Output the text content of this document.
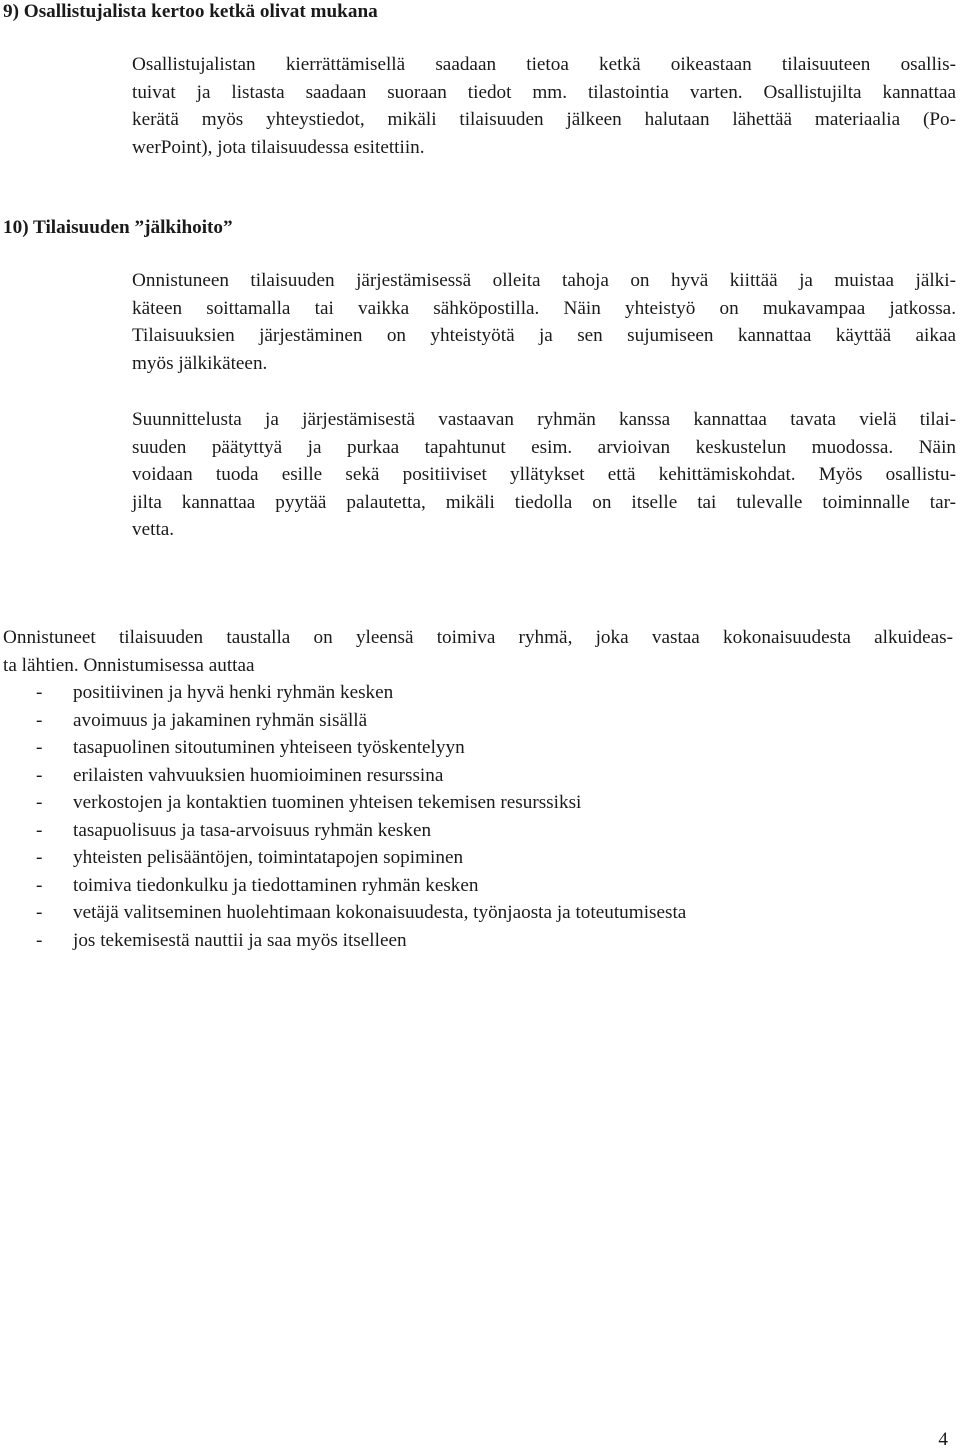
9) Osallistujalista kertoo ketkä olivat mukana
Osallistujalistan kierrättämisellä saadaan tietoa ketkä oikeastaan tilaisuuteen osallis-
tuivat ja listasta saadaan suoraan tiedot mm. tilastointia varten. Osallistujilta kannattaa
kerätä myös yhteystiedot, mikäli tilaisuuden jälkeen halutaan lähettää materiaalia (Po-
werPoint), jota tilaisuudessa esitettiin.
10) Tilaisuuden ”jälkihoito”
Onnistuneen tilaisuuden järjestämisessä olleita tahoja on hyvä kiittää ja muistaa jälki-
käteen soittamalla tai vaikka sähköpostilla. Näin yhteistyö on mukavampaa jatkossa.
Tilaisuuksien järjestäminen on yhteistyötä ja sen sujumiseen kannattaa käyttää aikaa
myös jälkikäteen.
Suunnittelusta ja järjestämisestä vastaavan ryhmän kanssa kannattaa tavata vielä tilai-
suuden päätyttyä ja purkaa tapahtunut esim. arvioivan keskustelun muodossa. Näin
voidaan tuoda esille sekä positiiviset yllätykset että kehittämiskohdat. Myös osallistu-
jilta kannattaa pyytää palautetta, mikäli tiedolla on itselle tai tulevalle toiminnalle tar-
vetta.
Onnistuneet tilaisuuden taustalla on yleensä toimiva ryhmä, joka vastaa kokonaisuudesta alkuideas-
ta lähtien. Onnistumisessa auttaa
- positiivinen ja hyvä henki ryhmän kesken
- avoimuus ja jakaminen ryhmän sisällä
- tasapuolinen sitoutuminen yhteiseen työskentelyyn
- erilaisten vahvuuksien huomioiminen resurssina
- verkostojen ja kontaktien tuominen yhteisen tekemisen resurssiksi
- tasapuolisuus ja tasa-arvoisuus ryhmän kesken
- yhteisten pelisääntöjen, toimintatapojen sopiminen
- toimiva tiedonkulku ja tiedottaminen ryhmän kesken
- vetäjä valitseminen huolehtimaan kokonaisuudesta, työnjaosta ja toteutumisesta
- jos tekemisestä nauttii ja saa myös itselleen
4
